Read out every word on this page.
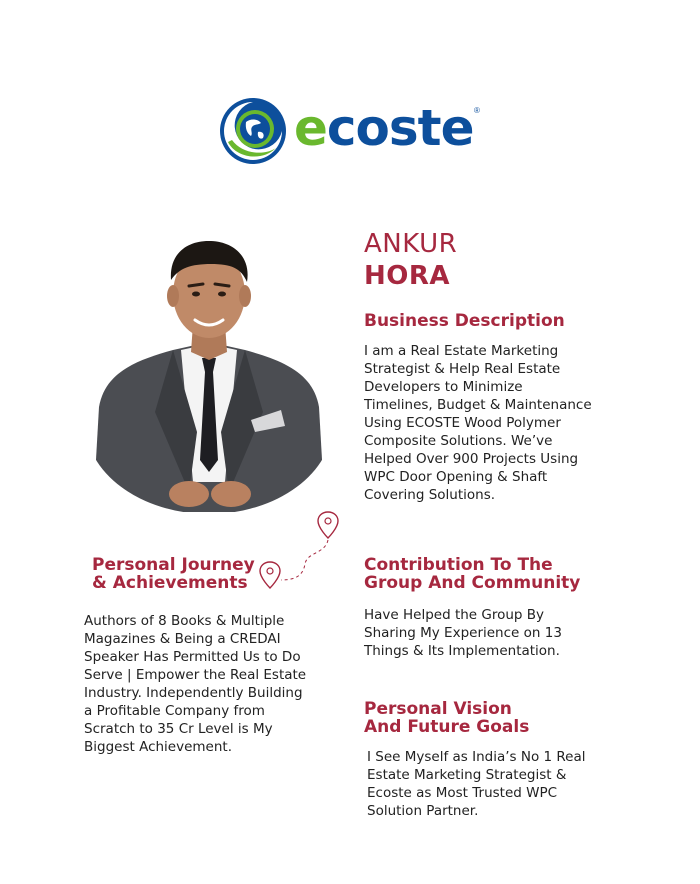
ecoste ®
ANKUR
HORA
Business Description

I am a Real Estate Marketing Strategist & Help Real Estate Developers to Minimize Timelines, Budget & Maintenance Using ECOSTE Wood Polymer Composite Solutions. We’ve Helped Over 900 Projects Using WPC Door Opening & Shaft Covering Solutions.

Personal Journey
& Achievements

Authors of 8 Books & Multiple Magazines & Being a CREDAI Speaker Has Permitted Us to Do Serve | Empower the Real Estate Industry. Independently Building a Profitable Company from Scratch to 35 Cr Level is My Biggest Achievement.

Contribution To The
Group And Community

Have Helped the Group By Sharing My Experience on 13 Things & Its Implementation.

Personal Vision
And Future Goals

I See Myself as India’s No 1 Real Estate Marketing Strategist & Ecoste as Most Trusted WPC Solution Partner.
